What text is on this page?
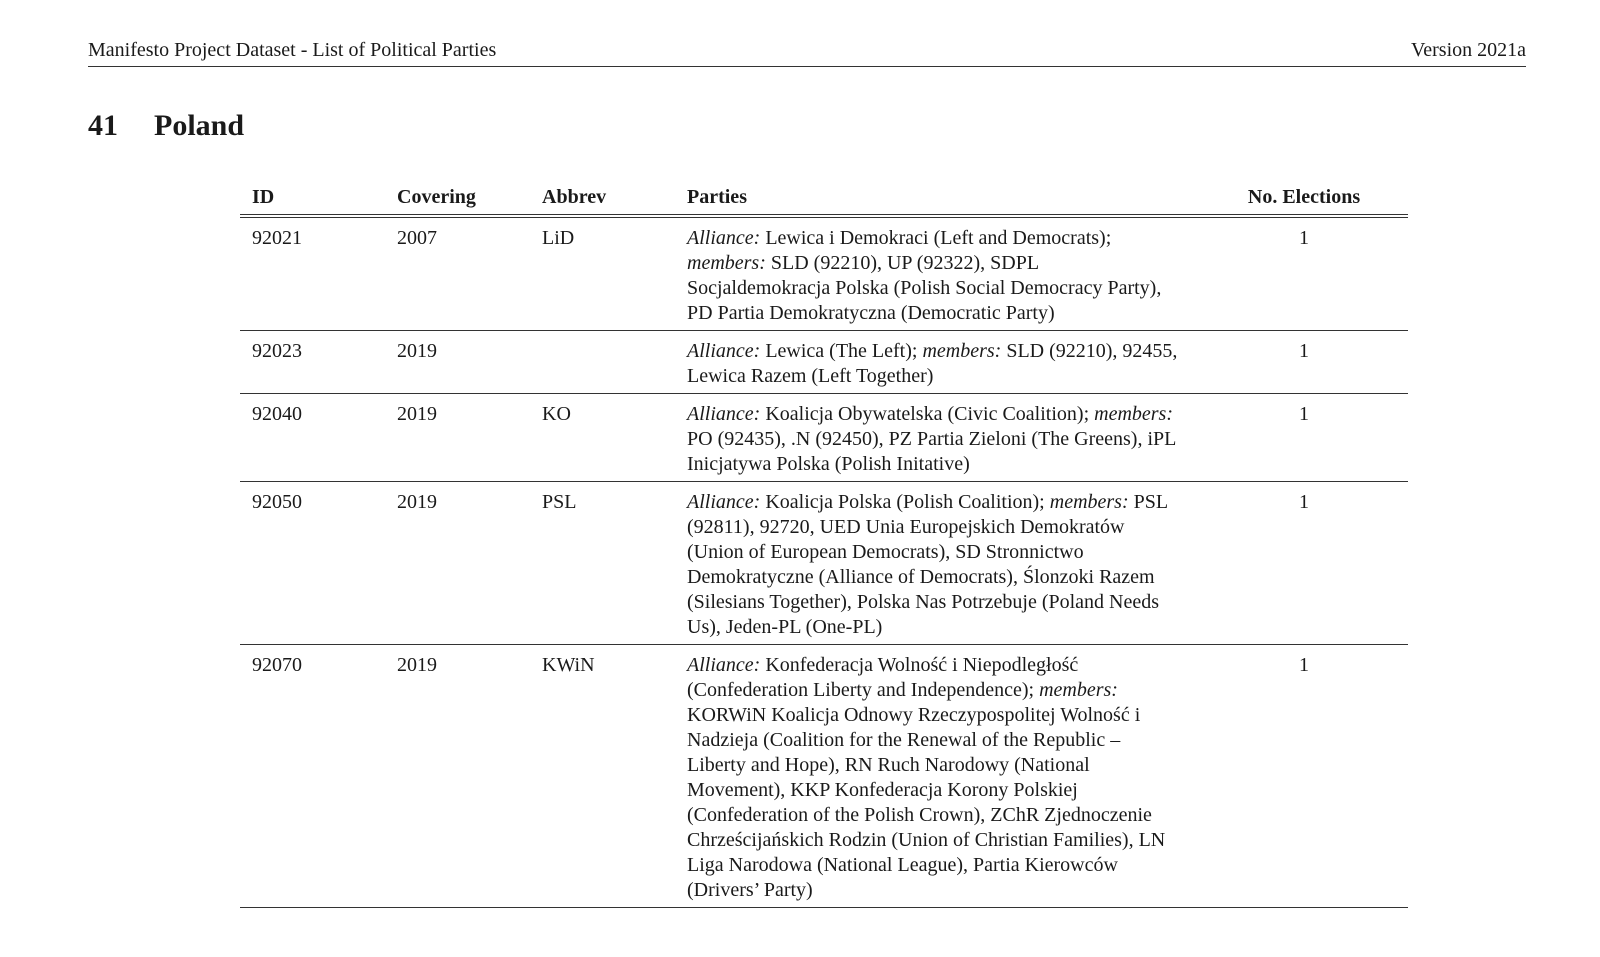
Manifesto Project Dataset - List of Political Parties	Version 2021a
41	Poland
ID	Covering	Abbrev	Parties	No. Elections
92021	2007	LiD	Alliance: Lewica i Demokraci (Left and Democrats); members: SLD (92210), UP (92322), SDPL Socjaldemokracja Polska (Polish Social Democracy Party), PD Partia Demokratyczna (Democratic Party)	1
92023	2019		Alliance: Lewica (The Left); members: SLD (92210), 92455, Lewica Razem (Left Together)	1
92040	2019	KO	Alliance: Koalicja Obywatelska (Civic Coalition); members: PO (92435), .N (92450), PZ Partia Zieloni (The Greens), iPL Inicjatywa Polska (Polish Initative)	1
92050	2019	PSL	Alliance: Koalicja Polska (Polish Coalition); members: PSL (92811), 92720, UED Unia Europejskich Demokratów (Union of European Democrats), SD Stronnictwo Demokratyczne (Alliance of Democrats), Ślonzoki Razem (Silesians Together), Polska Nas Potrzebuje (Poland Needs Us), Jeden-PL (One-PL)	1
92070	2019	KWiN	Alliance: Konfederacja Wolność i Niepodległość (Confederation Liberty and Independence); members: KORWiN Koalicja Odnowy Rzeczypospolitej Wolność i Nadzieja (Coalition for the Renewal of the Republic – Liberty and Hope), RN Ruch Narodowy (National Movement), KKP Konfederacja Korony Polskiej (Confederation of the Polish Crown), ZChR Zjednoczenie Chrześcijańskich Rodzin (Union of Christian Families), LN Liga Narodowa (National League), Partia Kierowców (Drivers’ Party)	1
